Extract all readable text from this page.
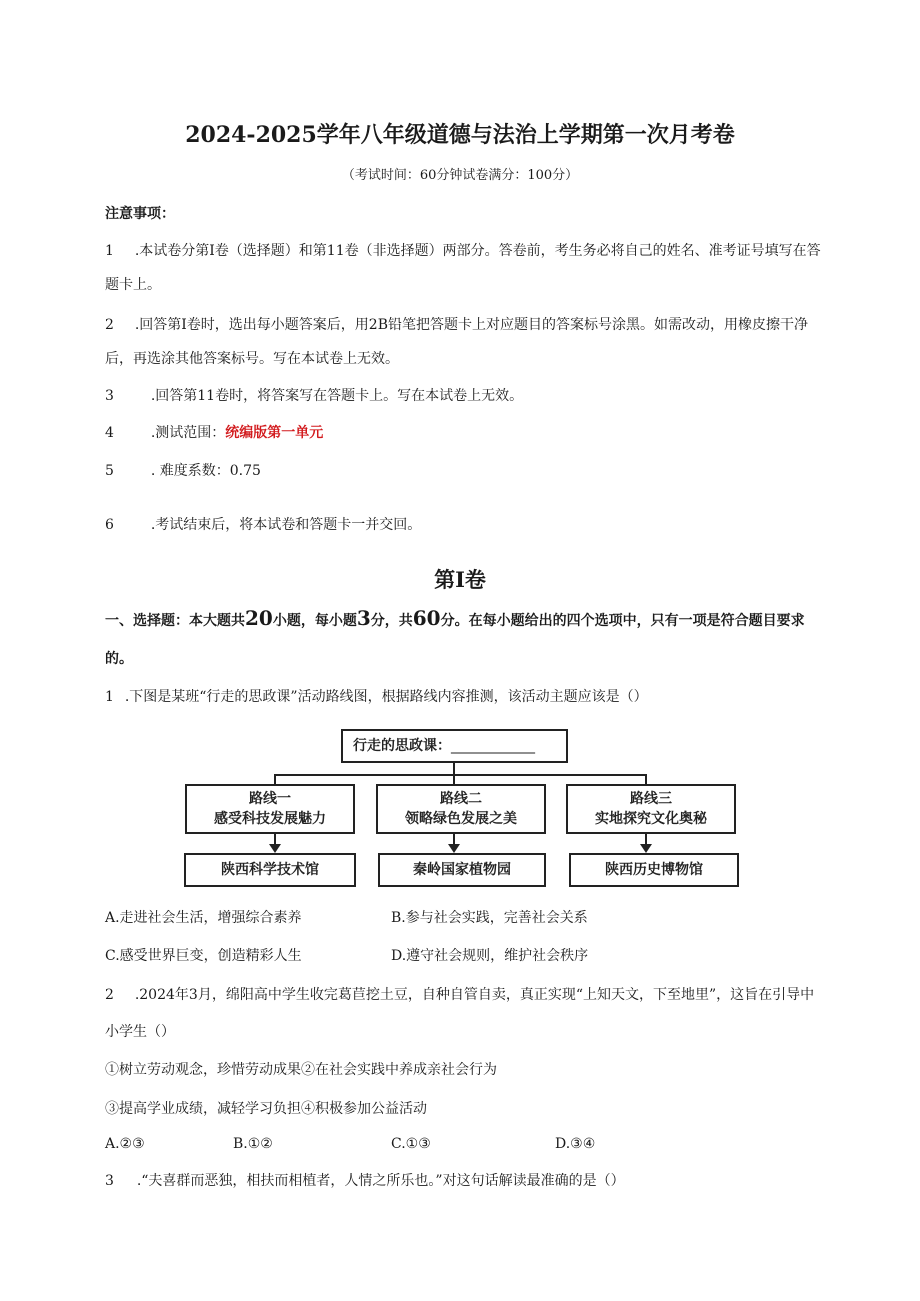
2024-2025学年八年级道德与法治上学期第一次月考卷
（考试时间：60分钟试卷满分：100分）
注意事项：
1 .本试卷分第Ⅰ卷（选择题）和第11卷（非选择题）两部分。答卷前，考生务必将自己的姓名、准考证号填写在答
题卡上。
2 .回答第Ⅰ卷时，选出每小题答案后，用2B铅笔把答题卡上对应题目的答案标号涂黑。如需改动，用橡皮擦干净
后，再选涂其他答案标号。写在本试卷上无效。
3	.回答第11卷时，将答案写在答题卡上。写在本试卷上无效。
4	.测试范围：统编版第一单元
5	. 难度系数：0.75
6	.考试结束后，将本试卷和答题卡一并交回。
第Ⅰ卷
一、选择题：本大题共20小题，每小题3分，共60分。在每小题给出的四个选项中，只有一项是符合题目要求
的。
1 .下图是某班“行走的思政课”活动路线图，根据路线内容推测，该活动主题应该是（）
行走的思政课：____________
路线一
感受科技发展魅力
路线二
领略绿色发展之美
路线三
实地探究文化奥秘
陕西科学技术馆	秦岭国家植物园	陕西历史博物馆
A.走进社会生活，增强综合素养	B.参与社会实践，完善社会关系
C.感受世界巨变，创造精彩人生	D.遵守社会规则，维护社会秩序
2 .2024年3月，绵阳高中学生收完葛苣挖土豆，自种自管自卖，真正实现“上知天文，下至地里”，这旨在引导中
小学生（）
①树立劳动观念，珍惜劳动成果②在社会实践中养成亲社会行为
③提高学业成绩，减轻学习负担④积极参加公益活动
A.②③	B.①②	C.①③	D.③④
3 .“夫喜群而恶独，相扶而相植者，人情之所乐也。”对这句话解读最准确的是（）
